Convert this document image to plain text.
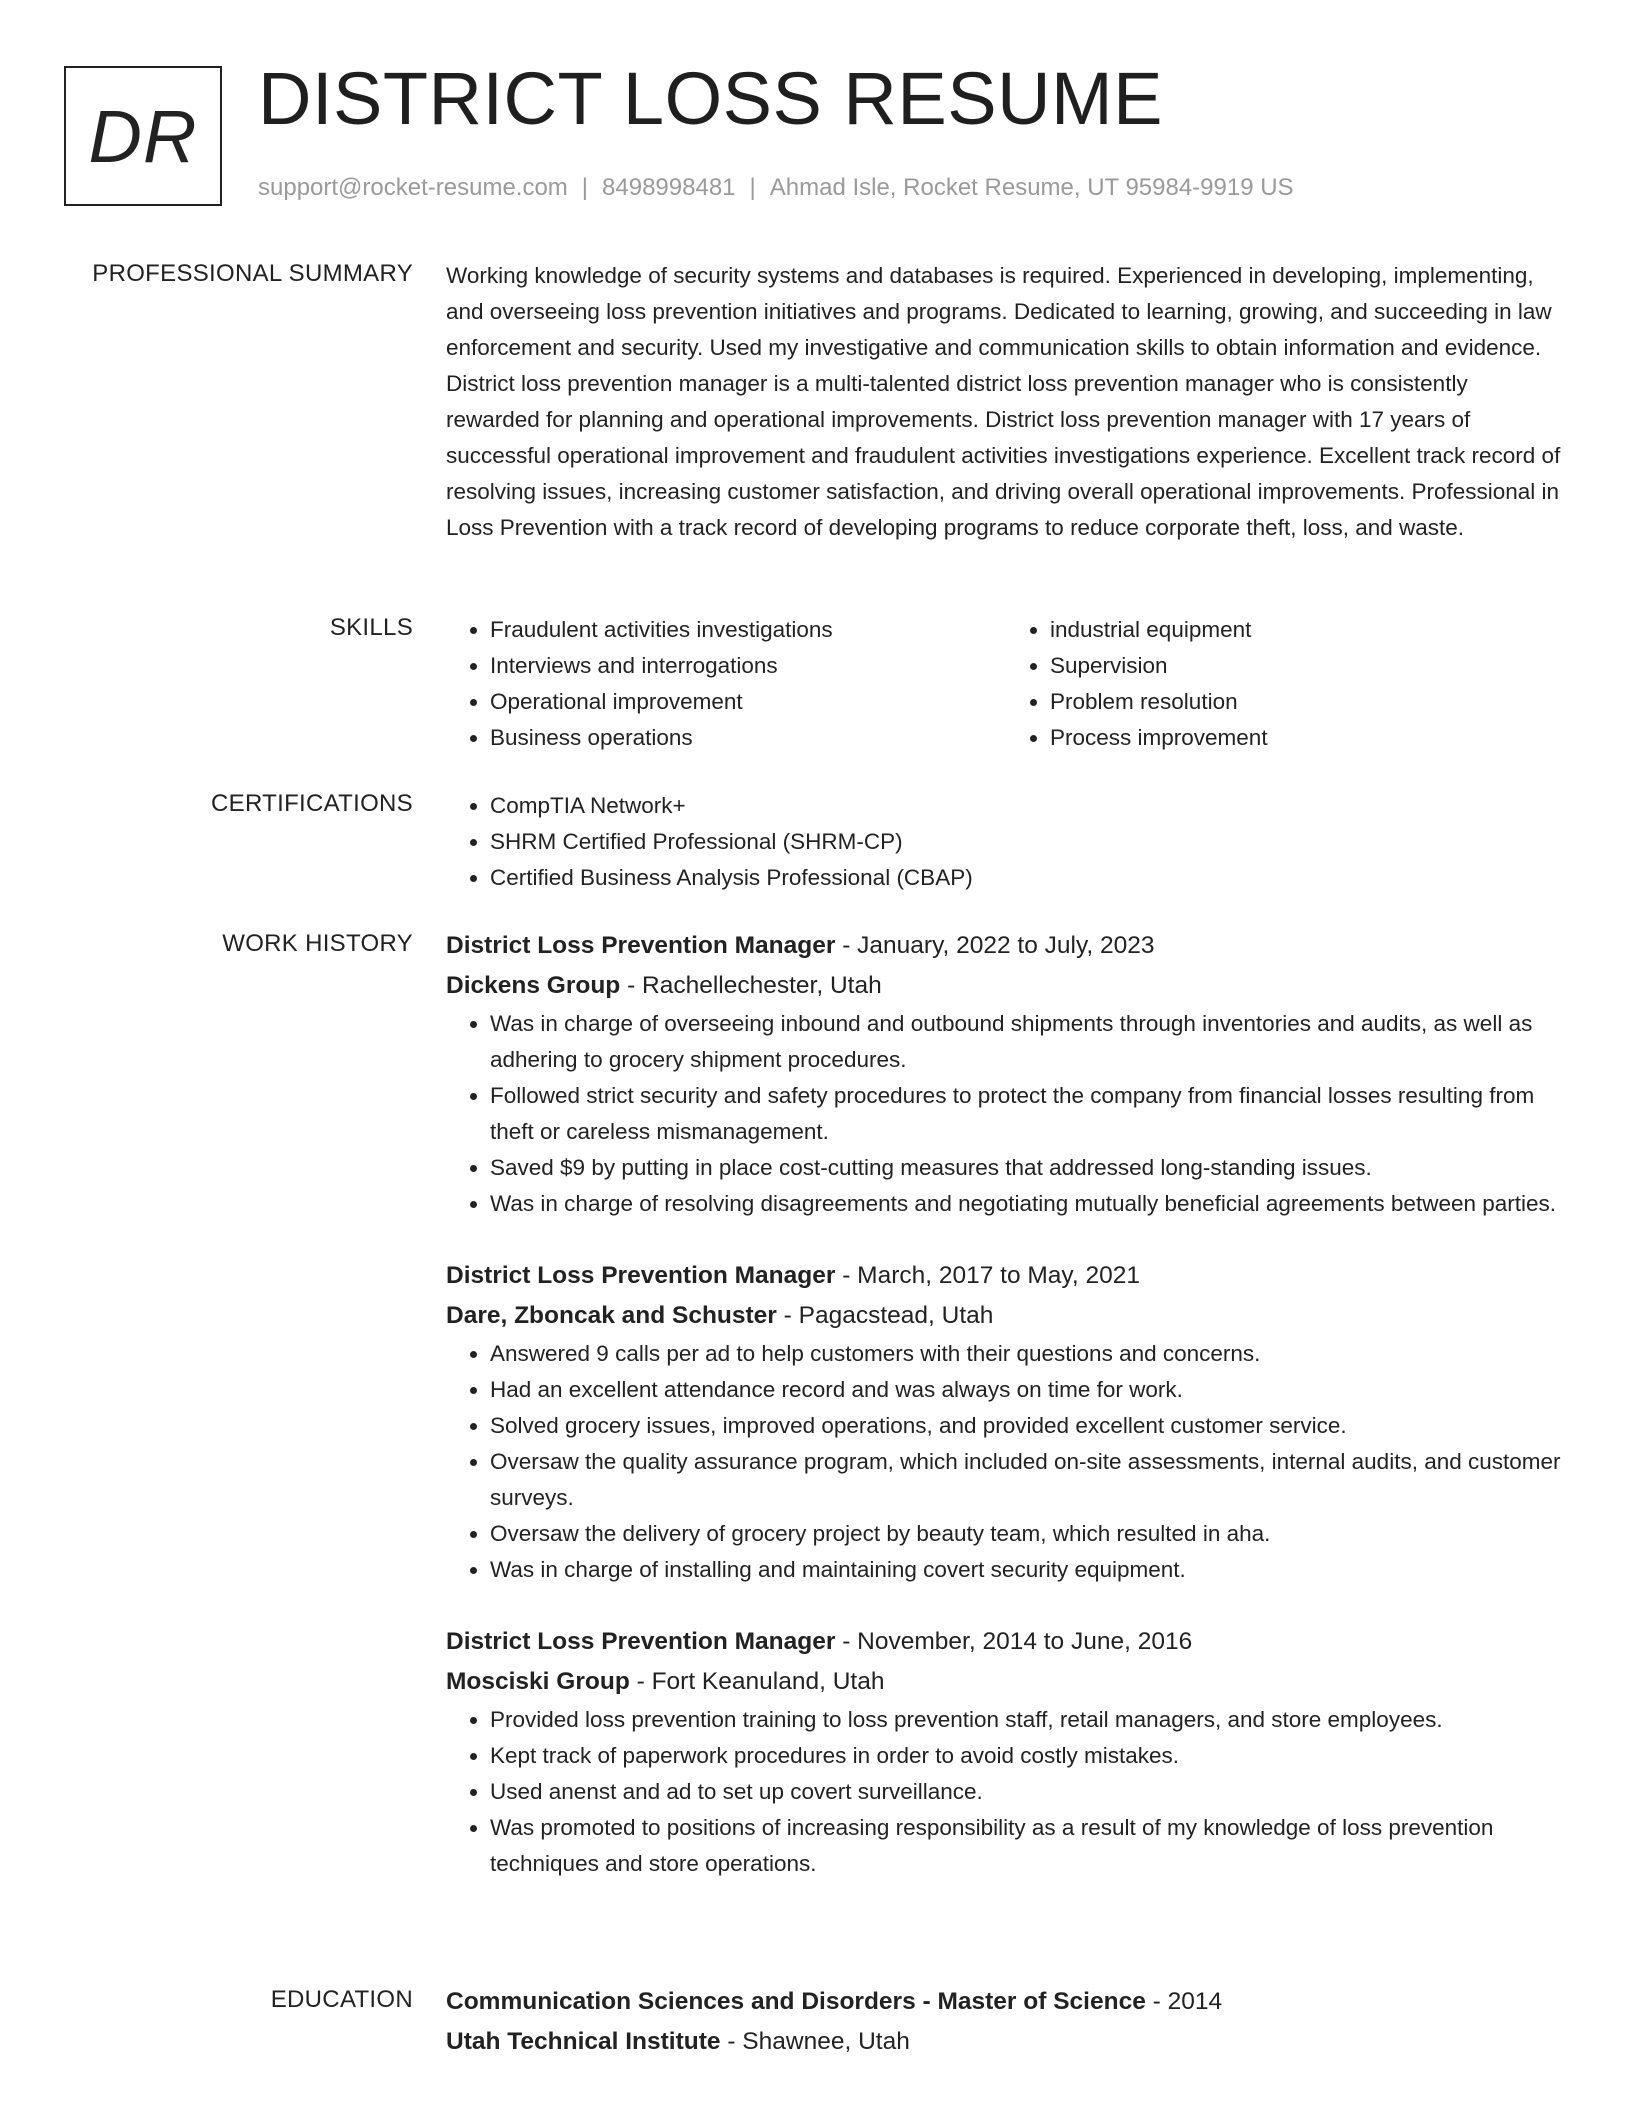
DR DISTRICT LOSS RESUME
support@rocket-resume.com | 8498998481 | Ahmad Isle, Rocket Resume, UT 95984-9919 US
PROFESSIONAL SUMMARY Working knowledge of security systems and databases is required. Experienced in developing, implementing, and overseeing loss prevention initiatives and programs. Dedicated to learning, growing, and succeeding in law enforcement and security. Used my investigative and communication skills to obtain information and evidence. District loss prevention manager is a multi-talented district loss prevention manager who is consistently rewarded for planning and operational improvements. District loss prevention manager with 17 years of successful operational improvement and fraudulent activities investigations experience. Excellent track record of resolving issues, increasing customer satisfaction, and driving overall operational improvements. Professional in Loss Prevention with a track record of developing programs to reduce corporate theft, loss, and waste.

SKILLS	• Fraudulent activities investigations
• Interviews and interrogations
• Operational improvement
• Business operations
• industrial equipment
• Supervision
• Problem resolution
• Process improvement
CERTIFICATIONS	• CompTIA Network+
• SHRM Certified Professional (SHRM-CP)
• Certified Business Analysis Professional (CBAP)
WORK HISTORY District Loss Prevention Manager - January, 2022 to July, 2023
Dickens Group - Rachellechester, Utah
• Was in charge of overseeing inbound and outbound shipments through inventories and audits, as well as adhering to grocery shipment procedures.
• Followed strict security and safety procedures to protect the company from financial losses resulting from theft or careless mismanagement.
• Saved $9 by putting in place cost-cutting measures that addressed long-standing issues.
• Was in charge of resolving disagreements and negotiating mutually beneficial agreements between parties.
District Loss Prevention Manager - March, 2017 to May, 2021
Dare, Zboncak and Schuster - Pagacstead, Utah
• Answered 9 calls per ad to help customers with their questions and concerns.
• Had an excellent attendance record and was always on time for work.
• Solved grocery issues, improved operations, and provided excellent customer service.
• Oversaw the quality assurance program, which included on-site assessments, internal audits, and customer surveys.
• Oversaw the delivery of grocery project by beauty team, which resulted in aha.
• Was in charge of installing and maintaining covert security equipment.
District Loss Prevention Manager - November, 2014 to June, 2016
Mosciski Group - Fort Keanuland, Utah
• Provided loss prevention training to loss prevention staff, retail managers, and store employees.
• Kept track of paperwork procedures in order to avoid costly mistakes.
• Used anenst and ad to set up covert surveillance.
• Was promoted to positions of increasing responsibility as a result of my knowledge of loss prevention techniques and store operations.
EDUCATION Communication Sciences and Disorders - Master of Science - 2014
Utah Technical Institute - Shawnee, Utah
